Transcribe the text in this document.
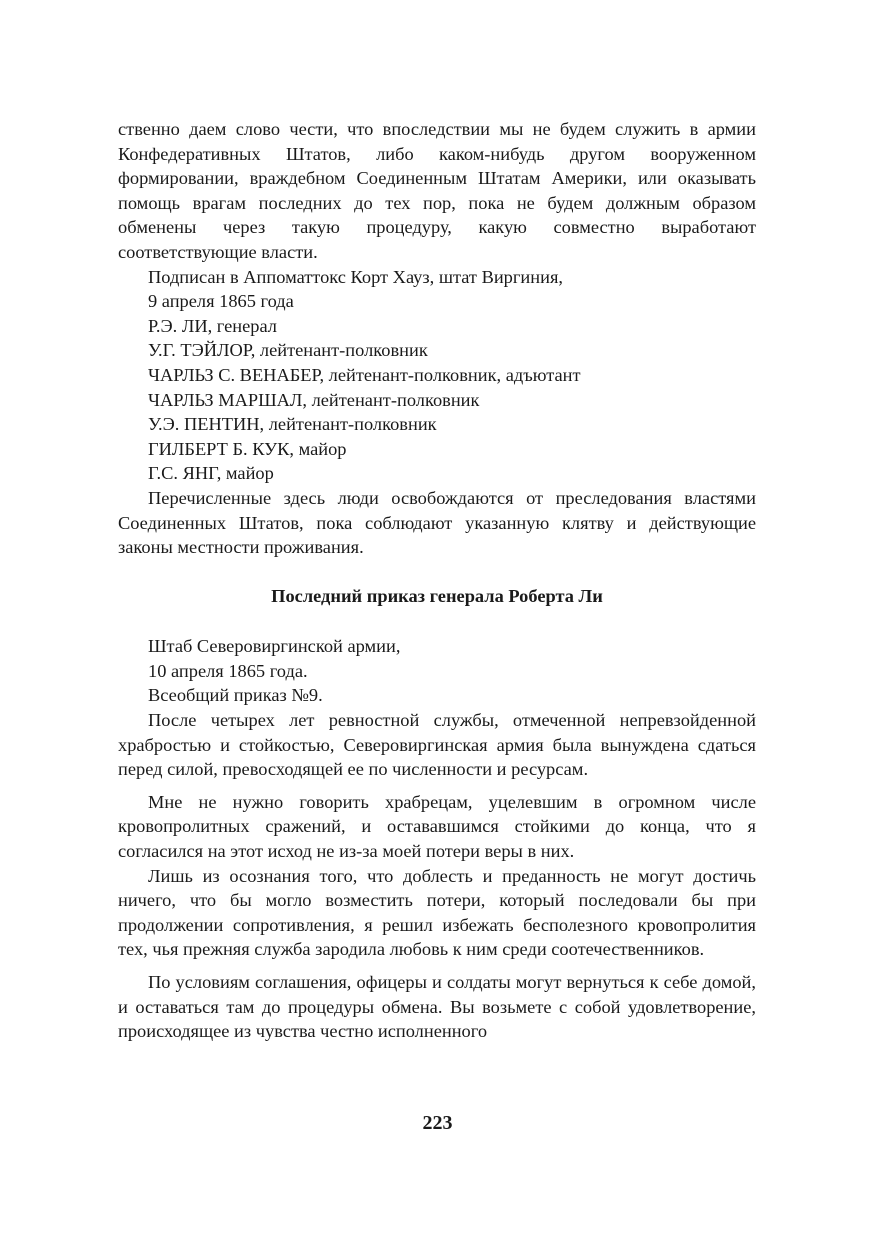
ственно даем слово чести, что впоследствии мы не будем служить в армии Конфедеративных Штатов, либо каком-нибудь другом вооруженном формировании, враждебном Соединенным Штатам Америки, или оказывать помощь врагам последних до тех пор, пока не будем должным образом обменены через такую процедуру, какую совместно выработают соответствующие власти.

Подписан в Аппоматтокс Корт Хауз, штат Виргиния,

9 апреля 1865 года

Р.Э. ЛИ, генерал

У.Г. ТЭЙЛОР, лейтенант-полковник

ЧАРЛЬЗ С. ВЕНАБЕР, лейтенант-полковник, адъютант

ЧАРЛЬЗ МАРШАЛ, лейтенант-полковник

У.Э. ПЕНТИН, лейтенант-полковник

ГИЛБЕРТ Б. КУК, майор

Г.С. ЯНГ, майор

Перечисленные здесь люди освобождаются от преследования властями Соединенных Штатов, пока соблюдают указанную клятву и действующие законы местности проживания.

Последний приказ генерала Роберта Ли

Штаб Северовиргинской армии,

10 апреля 1865 года.

Всеобщий приказ №9.

После четырех лет ревностной службы, отмеченной непревзойденной храбростью и стойкостью, Северовиргинская армия была вынуждена сдаться перед силой, превосходящей ее по численности и ресурсам.

Мне не нужно говорить храбрецам, уцелевшим в огромном числе кровопролитных сражений, и остававшимся стойкими до конца, что я согласился на этот исход не из-за моей потери веры в них.

Лишь из осознания того, что доблесть и преданность не могут достичь ничего, что бы могло возместить потери, который последовали бы при продолжении сопротивления, я решил избежать бесполезного кровопролития тех, чья прежняя служба зародила любовь к ним среди соотечественников.

По условиям соглашения, офицеры и солдаты могут вернуться к себе домой, и оставаться там до процедуры обмена. Вы возьмете с собой удовлетворение, происходящее из чувства честно исполненного

223
